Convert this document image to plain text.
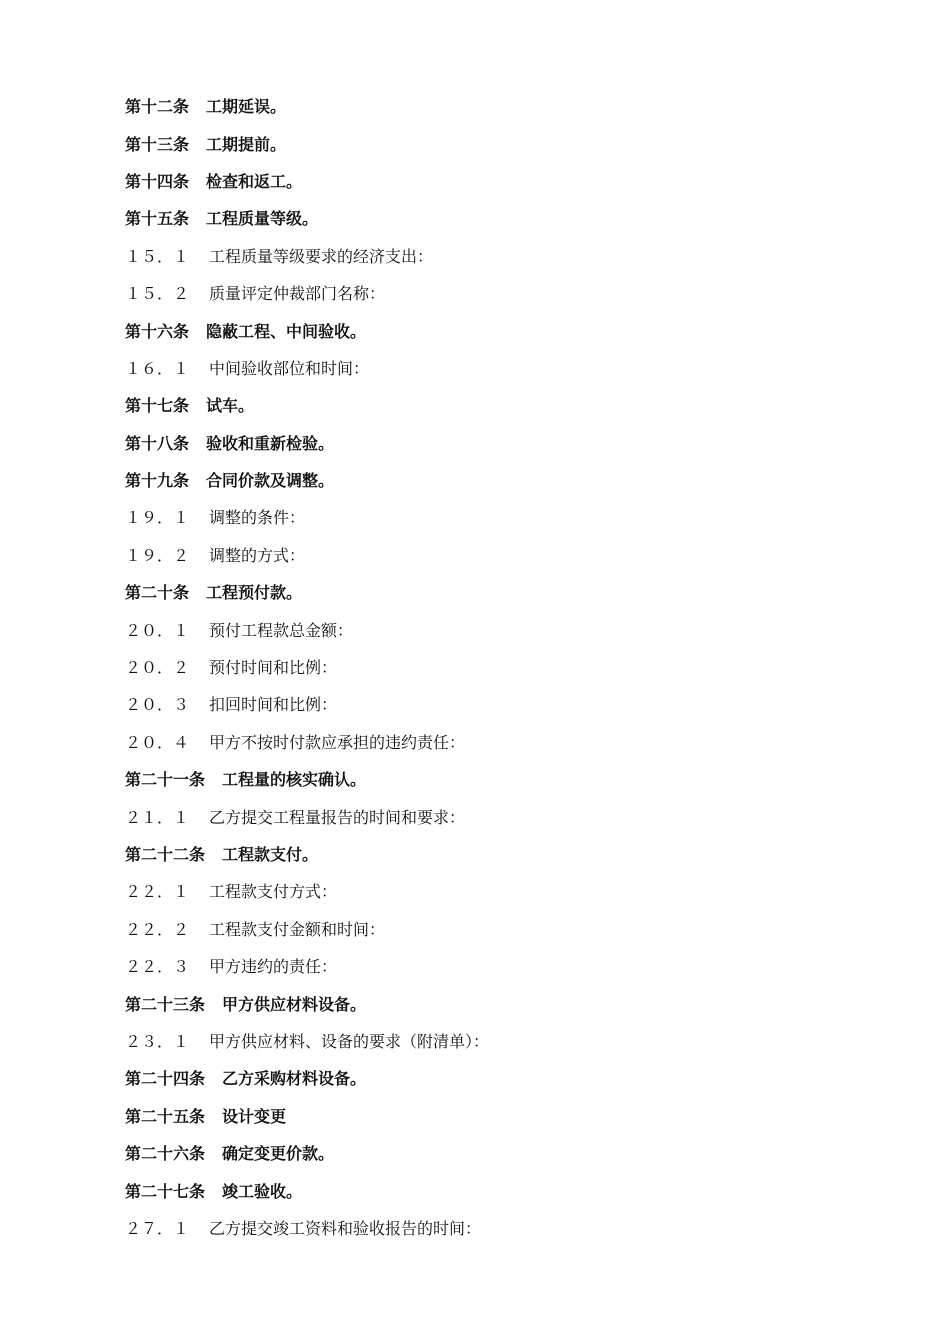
第十二条 工期延误。
第十三条 工期提前。
第十四条 检查和返工。
第十五条 工程质量等级。
１５．１	工程质量等级要求的经济支出：
１５．２	质量评定仲裁部门名称：
第十六条 隐蔽工程、中间验收。
１６．１	中间验收部位和时间：
第十七条 试车。
第十八条 验收和重新检验。
第十九条 合同价款及调整。
１９．１	调整的条件：
１９．２	调整的方式：
第二十条 工程预付款。
２０．１	预付工程款总金额：
２０．２	预付时间和比例：
２０．３	扣回时间和比例：
２０．４	甲方不按时付款应承担的违约责任：
第二十一条 工程量的核实确认。
２１．１	乙方提交工程量报告的时间和要求：
第二十二条 工程款支付。
２２．１	工程款支付方式：
２２．２	工程款支付金额和时间：
２２．３	甲方违约的责任：
第二十三条 甲方供应材料设备。
２３．１	甲方供应材料、设备的要求（附清单）：
第二十四条 乙方采购材料设备。
第二十五条 设计变更
第二十六条 确定变更价款。
第二十七条 竣工验收。
２７．１	乙方提交竣工资料和验收报告的时间：
